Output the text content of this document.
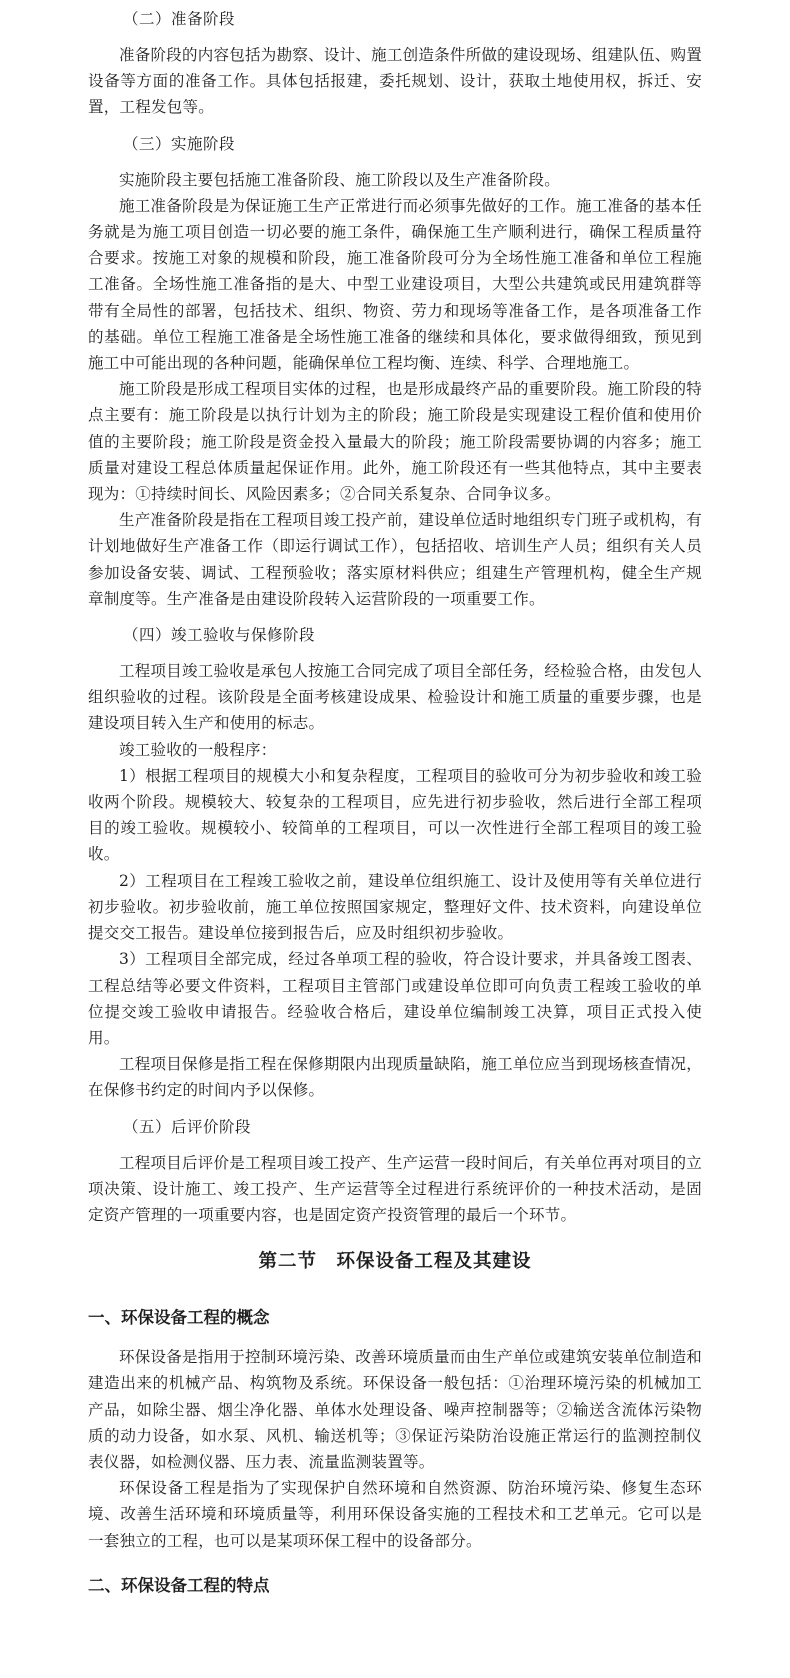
（二）准备阶段

准备阶段的内容包括为勘察、设计、施工创造条件所做的建设现场、组建队伍、购置设备等方面的准备工作。具体包括报建，委托规划、设计，获取土地使用权，拆迁、安置，工程发包等。

（三）实施阶段

实施阶段主要包括施工准备阶段、施工阶段以及生产准备阶段。

施工准备阶段是为保证施工生产正常进行而必须事先做好的工作。施工准备的基本任务就是为施工项目创造一切必要的施工条件，确保施工生产顺利进行，确保工程质量符合要求。按施工对象的规模和阶段，施工准备阶段可分为全场性施工准备和单位工程施工准备。全场性施工准备指的是大、中型工业建设项目，大型公共建筑或民用建筑群等带有全局性的部署，包括技术、组织、物资、劳力和现场等准备工作，是各项准备工作的基础。单位工程施工准备是全场性施工准备的继续和具体化，要求做得细致，预见到施工中可能出现的各种问题，能确保单位工程均衡、连续、科学、合理地施工。

施工阶段是形成工程项目实体的过程，也是形成最终产品的重要阶段。施工阶段的特点主要有：施工阶段是以执行计划为主的阶段；施工阶段是实现建设工程价值和使用价值的主要阶段；施工阶段是资金投入量最大的阶段；施工阶段需要协调的内容多；施工质量对建设工程总体质量起保证作用。此外，施工阶段还有一些其他特点，其中主要表现为：①持续时间长、风险因素多；②合同关系复杂、合同争议多。

生产准备阶段是指在工程项目竣工投产前，建设单位适时地组织专门班子或机构，有计划地做好生产准备工作（即运行调试工作），包括招收、培训生产人员；组织有关人员参加设备安装、调试、工程预验收；落实原材料供应；组建生产管理机构，健全生产规章制度等。生产准备是由建设阶段转入运营阶段的一项重要工作。

（四）竣工验收与保修阶段

工程项目竣工验收是承包人按施工合同完成了项目全部任务，经检验合格，由发包人组织验收的过程。该阶段是全面考核建设成果、检验设计和施工质量的重要步骤，也是建设项目转入生产和使用的标志。

竣工验收的一般程序：

1）根据工程项目的规模大小和复杂程度，工程项目的验收可分为初步验收和竣工验收两个阶段。规模较大、较复杂的工程项目，应先进行初步验收，然后进行全部工程项目的竣工验收。规模较小、较简单的工程项目，可以一次性进行全部工程项目的竣工验收。

2）工程项目在工程竣工验收之前，建设单位组织施工、设计及使用等有关单位进行初步验收。初步验收前，施工单位按照国家规定，整理好文件、技术资料，向建设单位提交交工报告。建设单位接到报告后，应及时组织初步验收。

3）工程项目全部完成，经过各单项工程的验收，符合设计要求，并具备竣工图表、工程总结等必要文件资料，工程项目主管部门或建设单位即可向负责工程竣工验收的单位提交竣工验收申请报告。经验收合格后，建设单位编制竣工决算，项目正式投入使用。

工程项目保修是指工程在保修期限内出现质量缺陷，施工单位应当到现场核查情况，在保修书约定的时间内予以保修。

（五）后评价阶段

工程项目后评价是工程项目竣工投产、生产运营一段时间后，有关单位再对项目的立项决策、设计施工、竣工投产、生产运营等全过程进行系统评价的一种技术活动，是固定资产管理的一项重要内容，也是固定资产投资管理的最后一个环节。

第二节　环保设备工程及其建设
一、环保设备工程的概念

环保设备是指用于控制环境污染、改善环境质量而由生产单位或建筑安装单位制造和建造出来的机械产品、构筑物及系统。环保设备一般包括：①治理环境污染的机械加工产品，如除尘器、烟尘净化器、单体水处理设备、噪声控制器等；②输送含流体污染物质的动力设备，如水泵、风机、输送机等；③保证污染防治设施正常运行的监测控制仪表仪器，如检测仪器、压力表、流量监测装置等。

环保设备工程是指为了实现保护自然环境和自然资源、防治环境污染、修复生态环境、改善生活环境和环境质量等，利用环保设备实施的工程技术和工艺单元。它可以是一套独立的工程，也可以是某项环保工程中的设备部分。

二、环保设备工程的特点
